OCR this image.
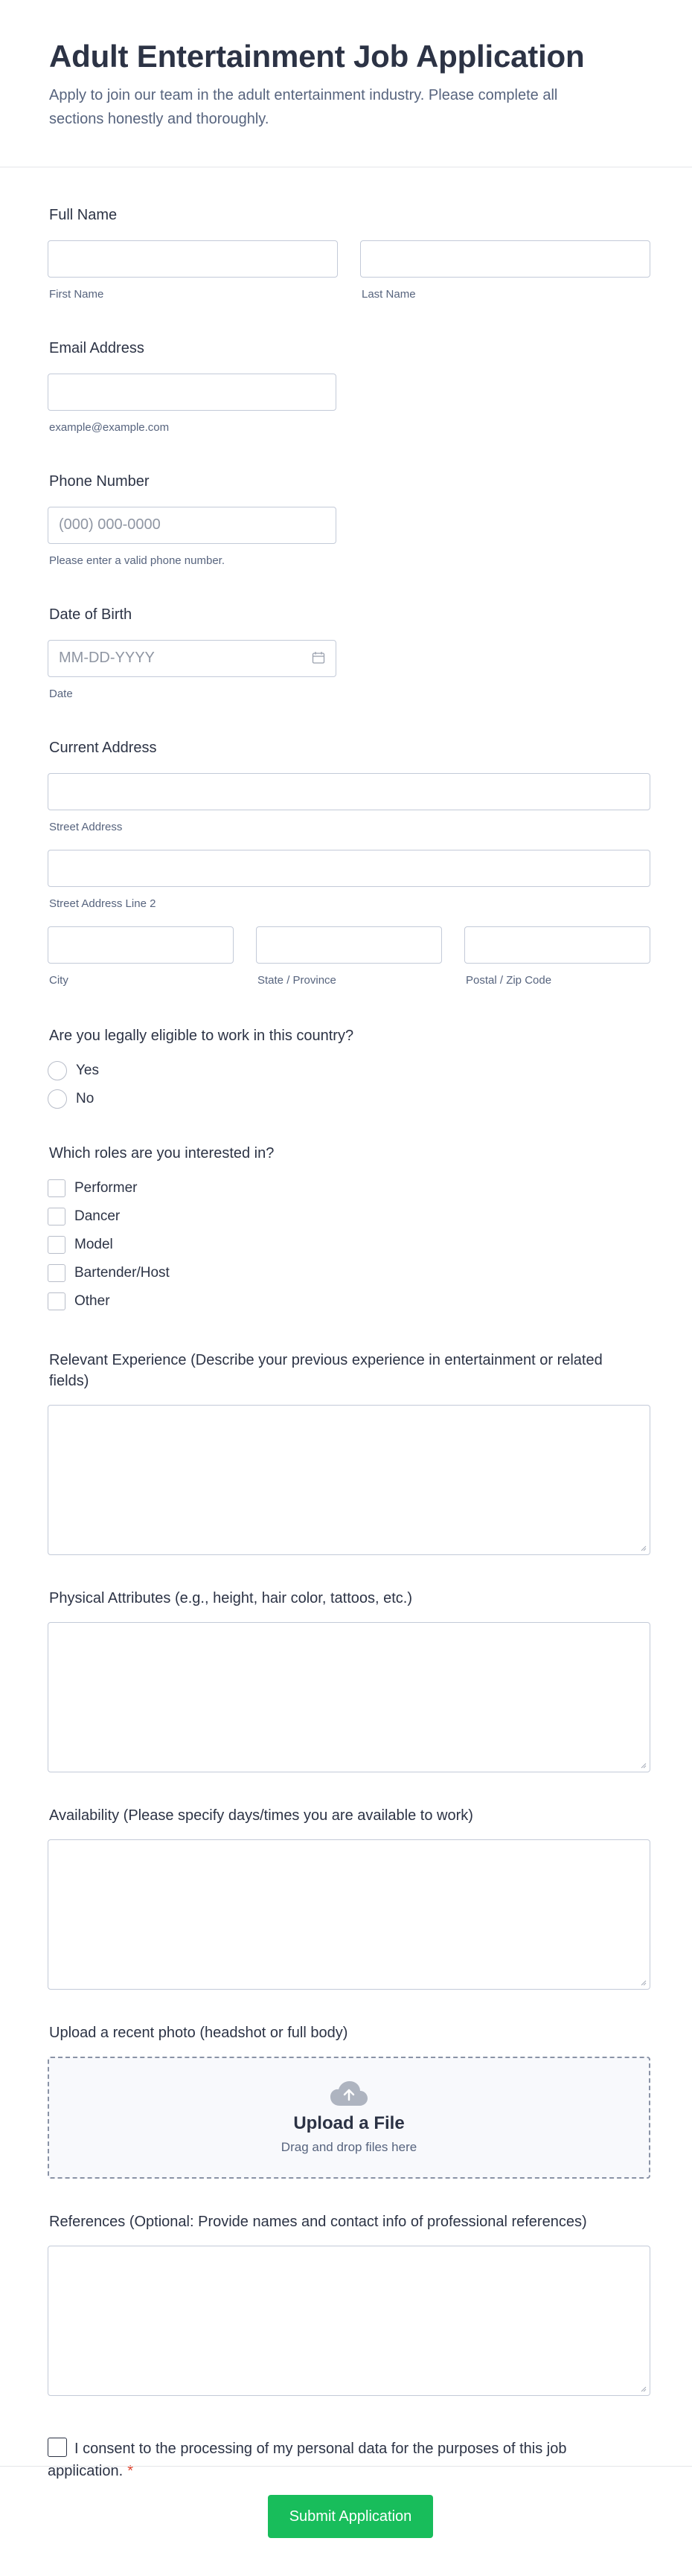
Adult Entertainment Job Application

Apply to join our team in the adult entertainment industry. Please complete all sections honestly and thoroughly.

Full Name
First Name	Last Name
Email Address
example@example.com
Phone Number
(000) 000-0000
Please enter a valid phone number.
Date of Birth
MM-DD-YYYY
Date
Current Address
Street Address
Street Address Line 2
City	State / Province	Postal / Zip Code
Are you legally eligible to work in this country?
Yes
No
Which roles are you interested in?
Performer
Dancer
Model
Bartender/Host
Other
Relevant Experience (Describe your previous experience in entertainment or related fields)
Physical Attributes (e.g., height, hair color, tattoos, etc.)
Availability (Please specify days/times you are available to work)
Upload a recent photo (headshot or full body)
Upload a File
Drag and drop files here
References (Optional: Provide names and contact info of professional references)
I consent to the processing of my personal data for the purposes of this job application. *
Submit Application
